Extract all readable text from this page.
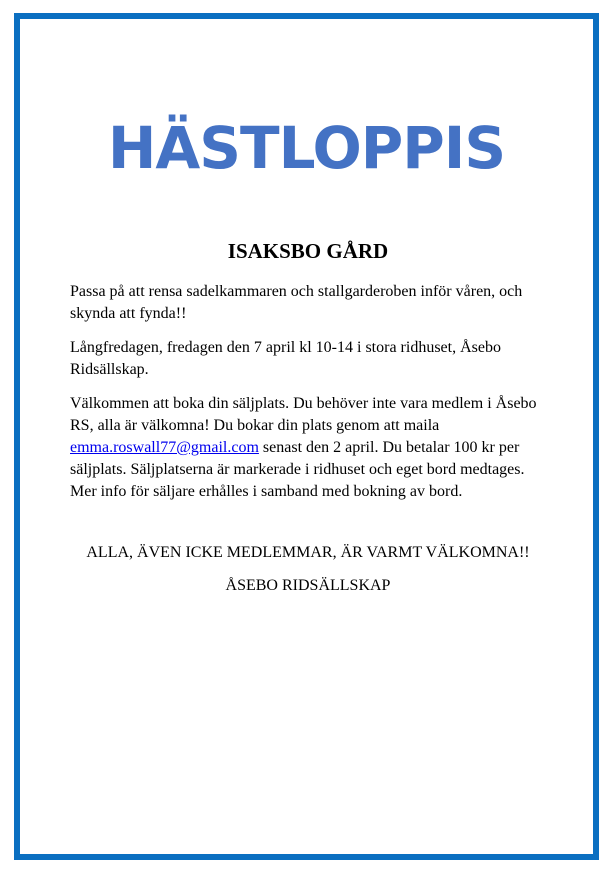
HÄSTLOPPIS
ISAKSBO GÅRD

Passa på att rensa sadelkammaren och stallgarderoben inför våren, och skynda att fynda!!

Långfredagen, fredagen den 7 april kl 10-14 i stora ridhuset, Åsebo Ridsällskap.

Välkommen att boka din säljplats. Du behöver inte vara medlem i Åsebo RS, alla är välkomna! Du bokar din plats genom att maila emma.roswall77@gmail.com senast den 2 april. Du betalar 100 kr per säljplats. Säljplatserna är markerade i ridhuset och eget bord medtages. Mer info för säljare erhålles i samband med bokning av bord.

ALLA, ÄVEN ICKE MEDLEMMAR, ÄR VARMT VÄLKOMNA!!
ÅSEBO RIDSÄLLSKAP
